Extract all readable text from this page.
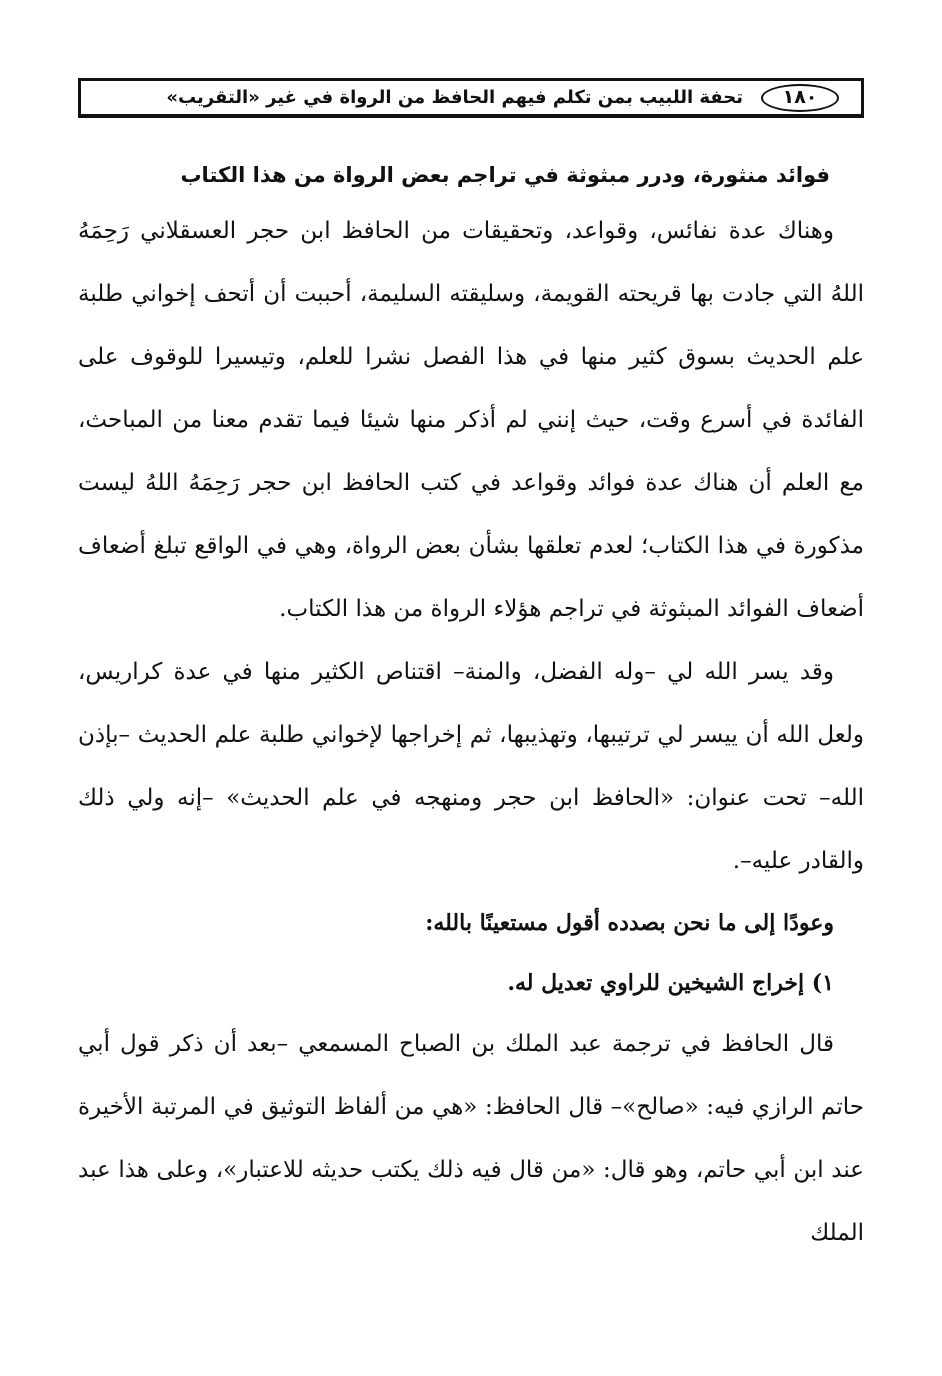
١٨٠
تحفة اللبيب بمن تكلم فيهم الحافظ من الرواة في غير «التقريب»
فوائد منثورة، ودرر مبثوثة في تراجم بعض الرواة من هذا الكتاب

وهناك عدة نفائس، وقواعد، وتحقيقات من الحافظ ابن حجر العسقلاني رَحِمَهُ اللهُ التي جادت بها قريحته القويمة، وسليقته السليمة، أحببت أن أتحف إخواني طلبة علم الحديث بسوق كثير منها في هذا الفصل نشرا للعلم، وتيسيرا للوقوف على الفائدة في أسرع وقت، حيث إنني لم أذكر منها شيئا فيما تقدم معنا من المباحث، مع العلم أن هناك عدة فوائد وقواعد في كتب الحافظ ابن حجر رَحِمَهُ اللهُ ليست مذكورة في هذا الكتاب؛ لعدم تعلقها بشأن بعض الرواة، وهي في الواقع تبلغ أضعاف أضعاف الفوائد المبثوثة في تراجم هؤلاء الرواة من هذا الكتاب.

وقد يسر الله لي –وله الفضل، والمنة– اقتناص الكثير منها في عدة كراريس، ولعل الله أن ييسر لي ترتيبها، وتهذيبها، ثم إخراجها لإخواني طلبة علم الحديث –بإذن الله– تحت عنوان: «الحافظ ابن حجر ومنهجه في علم الحديث» –إنه ولي ذلك والقادر عليه–.

وعودًا إلى ما نحن بصدده أقول مستعينًا بالله:
١) إخراج الشيخين للراوي تعديل له.

قال الحافظ في ترجمة عبد الملك بن الصباح المسمعي –بعد أن ذكر قول أبي حاتم الرازي فيه: «صالح»– قال الحافظ: «هي من ألفاظ التوثيق في المرتبة الأخيرة عند ابن أبي حاتم، وهو قال: «من قال فيه ذلك يكتب حديثه للاعتبار»، وعلى هذا عبد الملك
